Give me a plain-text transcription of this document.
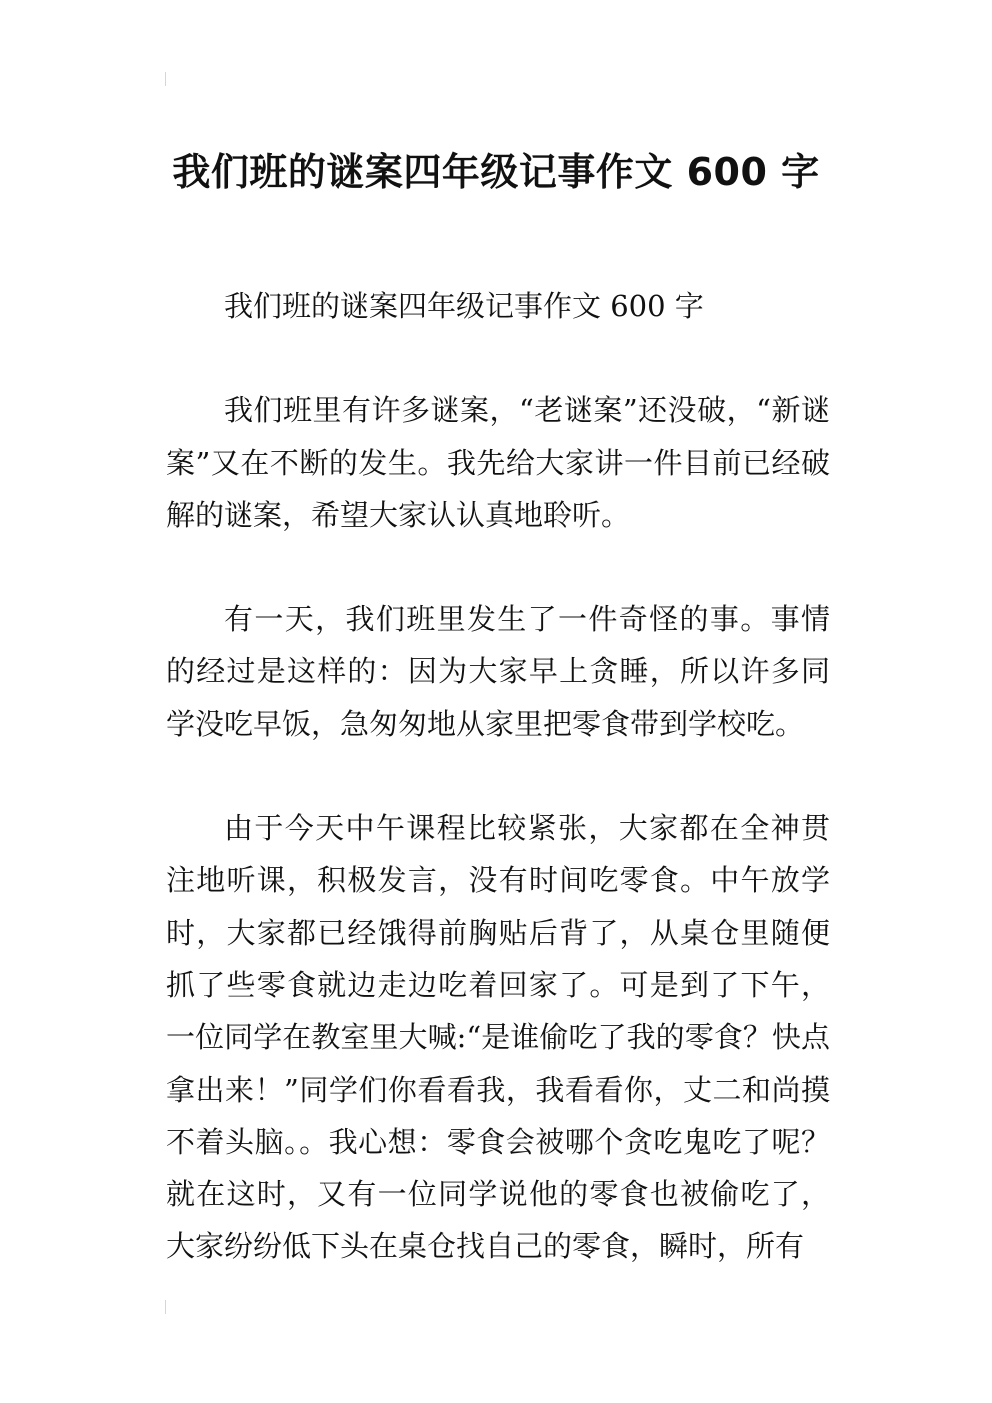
我们班的谜案四年级记事作文 600 字

我们班的谜案四年级记事作文 600 字

我们班里有许多谜案，“老谜案”还没破，“新谜案”又在不断的发生。我先给大家讲一件目前已经破解的谜案，希望大家认认真地聆听。

有一天，我们班里发生了一件奇怪的事。事情的经过是这样的：因为大家早上贪睡，所以许多同学没吃早饭，急匆匆地从家里把零食带到学校吃。

由于今天中午课程比较紧张，大家都在全神贯注地听课，积极发言，没有时间吃零食。中午放学时，大家都已经饿得前胸贴后背了，从桌仓里随便抓了些零食就边走边吃着回家了。可是到了下午，一位同学在教室里大喊:“是谁偷吃了我的零食？快点拿出来！”同学们你看看我，我看看你，丈二和尚摸不着头脑。。我心想：零食会被哪个贪吃鬼吃了呢？就在这时，又有一位同学说他的零食也被偷吃了，大家纷纷低下头在桌仓找自己的零食，瞬时，所有
